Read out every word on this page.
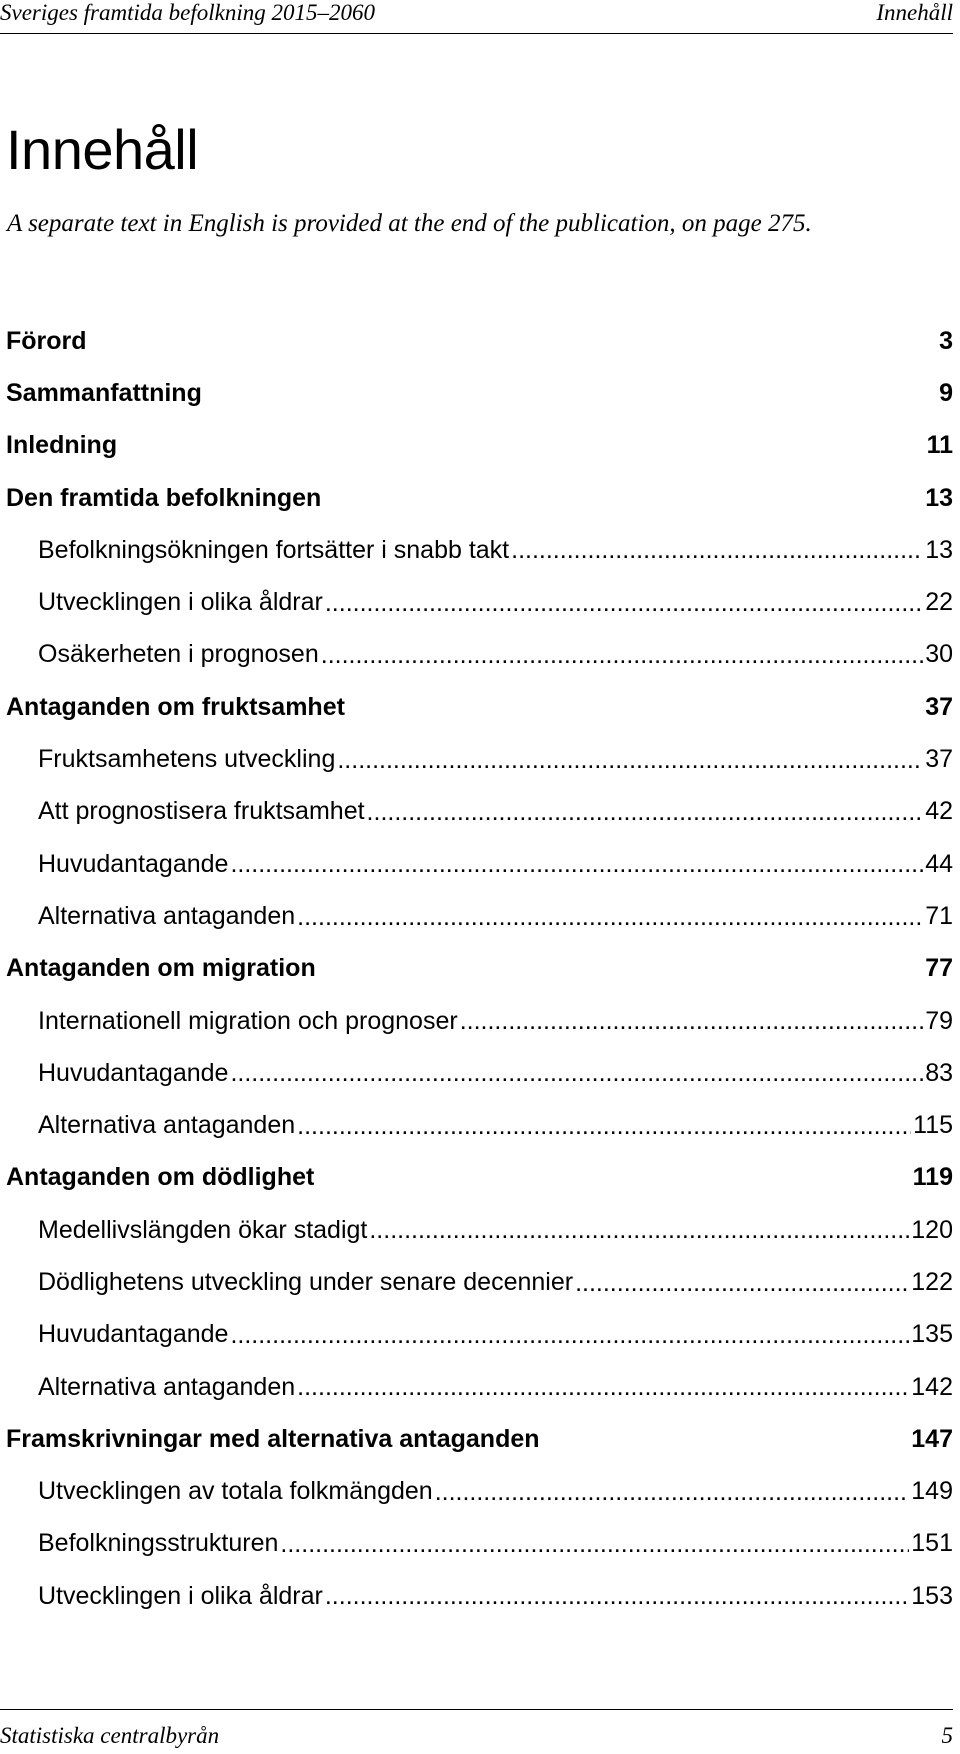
Sveriges framtida befolkning 2015–2060	Innehåll
Innehåll

A separate text in English is provided at the end of the publication, on page 275.

Förord	3
Sammanfattning	9
Inledning	11
Den framtida befolkningen	13
Befolkningsökningen fortsätter i snabb takt .....	13
Utvecklingen i olika åldrar .....	22
Osäkerheten i prognosen .....	30
Antaganden om fruktsamhet	37
Fruktsamhetens utveckling .....	37
Att prognostisera fruktsamhet .....	42
Huvudantagande .....	44
Alternativa antaganden .....	71
Antaganden om migration	77
Internationell migration och prognoser .....	79
Huvudantagande .....	83
Alternativa antaganden .....	115
Antaganden om dödlighet	119
Medellivslängden ökar stadigt .....	120
Dödlighetens utveckling under senare decennier .....	122
Huvudantagande .....	135
Alternativa antaganden .....	142
Framskrivningar med alternativa antaganden	147
Utvecklingen av totala folkmängden .....	149
Befolkningsstrukturen .....	151
Utvecklingen i olika åldrar .....	153
Statistiska centralbyrån	5
